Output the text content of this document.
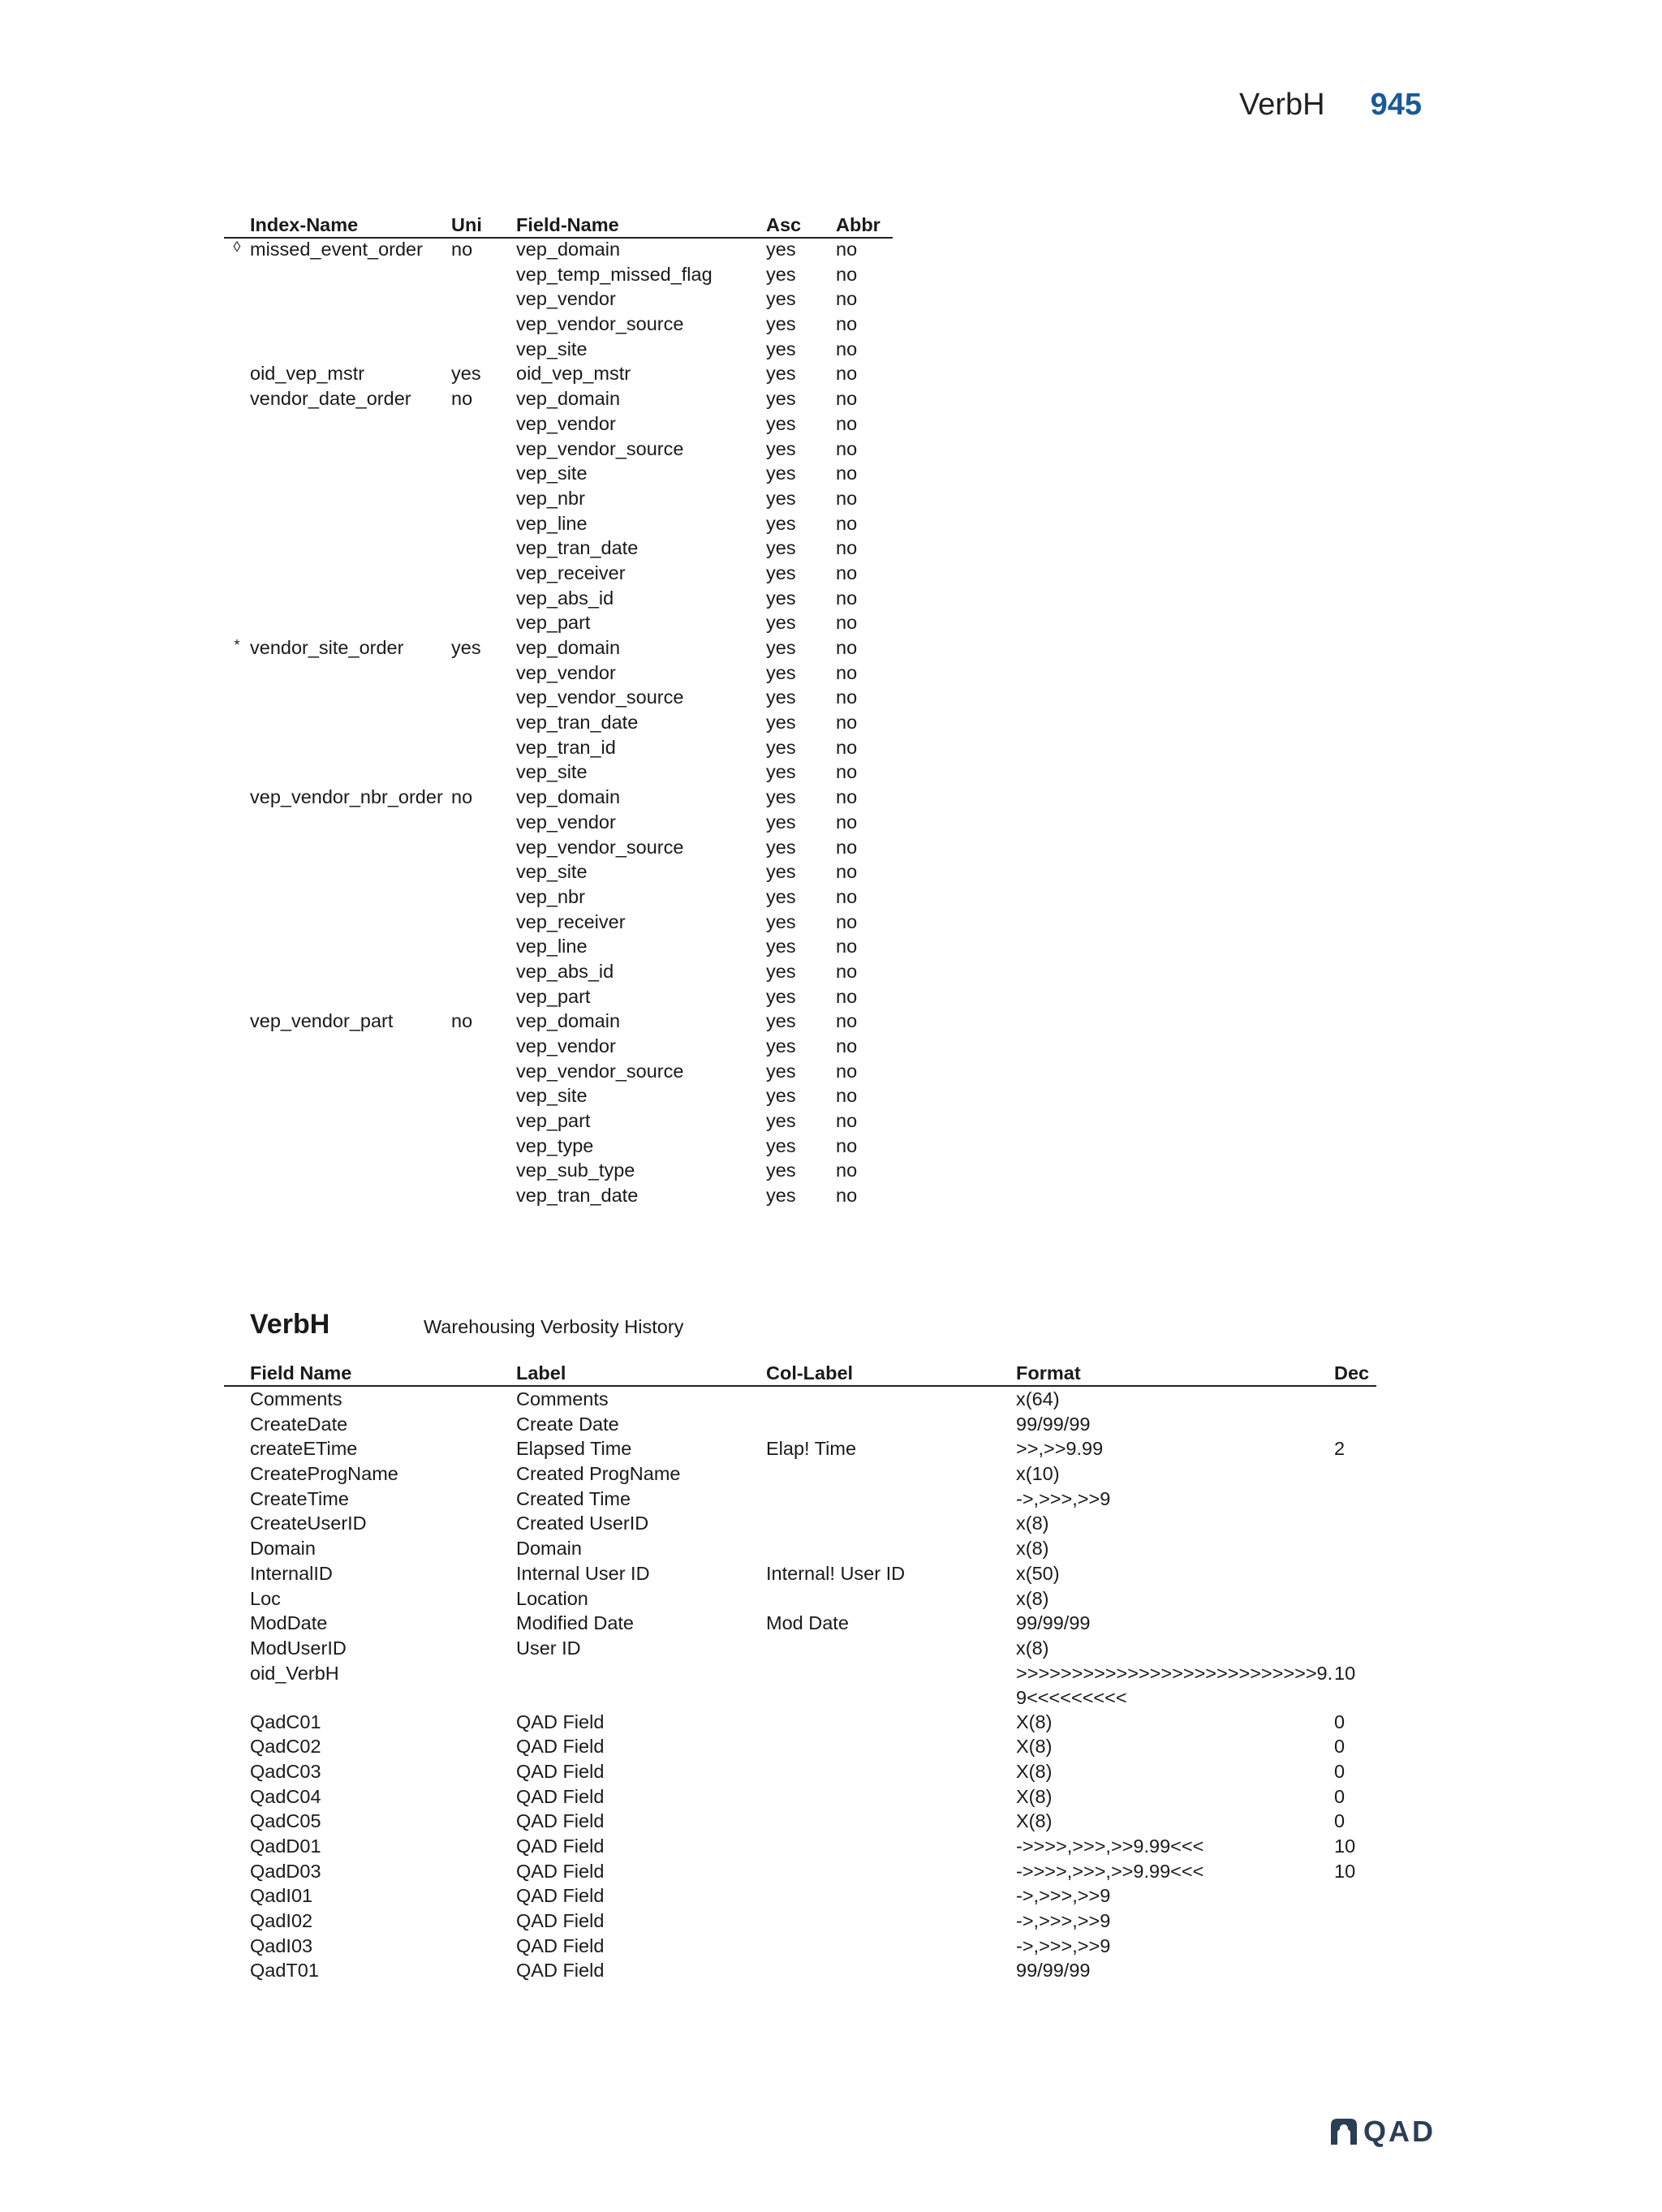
VerbH 945
	Index-Name	Uni	Field-Name	Asc	Abbr
◊	missed_event_order	no	vep_domain	yes	no
			vep_temp_missed_flag	yes	no
			vep_vendor	yes	no
			vep_vendor_source	yes	no
			vep_site	yes	no
	oid_vep_mstr	yes	oid_vep_mstr	yes	no
	vendor_date_order	no	vep_domain	yes	no
			vep_vendor	yes	no
			vep_vendor_source	yes	no
			vep_site	yes	no
			vep_nbr	yes	no
			vep_line	yes	no
			vep_tran_date	yes	no
			vep_receiver	yes	no
			vep_abs_id	yes	no
			vep_part	yes	no
*	vendor_site_order	yes	vep_domain	yes	no
			vep_vendor	yes	no
			vep_vendor_source	yes	no
			vep_tran_date	yes	no
			vep_tran_id	yes	no
			vep_site	yes	no
	vep_vendor_nbr_order	no	vep_domain	yes	no
			vep_vendor	yes	no
			vep_vendor_source	yes	no
			vep_site	yes	no
			vep_nbr	yes	no
			vep_receiver	yes	no
			vep_line	yes	no
			vep_abs_id	yes	no
			vep_part	yes	no
	vep_vendor_part	no	vep_domain	yes	no
			vep_vendor	yes	no
			vep_vendor_source	yes	no
			vep_site	yes	no
			vep_part	yes	no
			vep_type	yes	no
			vep_sub_type	yes	no
			vep_tran_date	yes	no
VerbH	Warehousing Verbosity History
	Field Name	Label	Col-Label	Format	Dec
	Comments	Comments		x(64)	
	CreateDate	Create Date		99/99/99	
	createETime	Elapsed Time	Elap! Time	>>,>>9.99	2
	CreateProgName	Created ProgName		x(10)	
	CreateTime	Created Time		->,>>>,>>9	
	CreateUserID	Created UserID		x(8)	
	Domain	Domain		x(8)	
	InternalID	Internal User ID	Internal! User ID	x(50)	
	Loc	Location		x(8)	
	ModDate	Modified Date	Mod Date	99/99/99	
	ModUserID	User ID		x(8)	
	oid_VerbH			>>>>>>>>>>>>>>>>>>>>>>>>>>>9.9<<<<<<<<<	10
	QadC01	QAD Field		X(8)	0
	QadC02	QAD Field		X(8)	0
	QadC03	QAD Field		X(8)	0
	QadC04	QAD Field		X(8)	0
	QadC05	QAD Field		X(8)	0
	QadD01	QAD Field		->>>>,>>>,>>9.99<<<	10
	QadD03	QAD Field		->>>>,>>>,>>9.99<<<	10
	QadI01	QAD Field		->,>>>,>>9	
	QadI02	QAD Field		->,>>>,>>9	
	QadI03	QAD Field		->,>>>,>>9	
	QadT01	QAD Field		99/99/99	
QAD
